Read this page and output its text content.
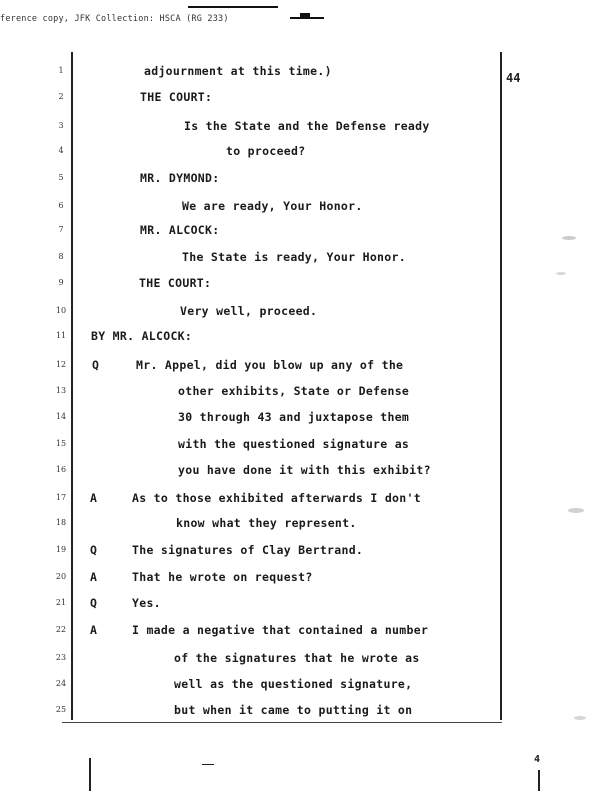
ference copy, JFK Collection: HSCA (RG 233)
44
1	adjournment at this time.)
2	THE COURT:
3	Is the State and the Defense ready
4	to proceed?
5	MR. DYMOND:
6	We are ready, Your Honor.
7	MR. ALCOCK:
8	The State is ready, Your Honor.
9	THE COURT:
10	Very well, proceed.
11	BY MR. ALCOCK:
12	Q	Mr. Appel, did you blow up any of the
13	other exhibits, State or Defense
14	30 through 43 and juxtapose them
15	with the questioned signature as
16	you have done it with this exhibit?
17	A	As to those exhibited afterwards I don't
18	know what they represent.
19	Q	The signatures of Clay Bertrand.
20	A	That he wrote on request?
21	Q	Yes.
22	A	I made a negative that contained a number
23	of the signatures that he wrote as
24	well as the questioned signature,
25	but when it came to putting it on
4
